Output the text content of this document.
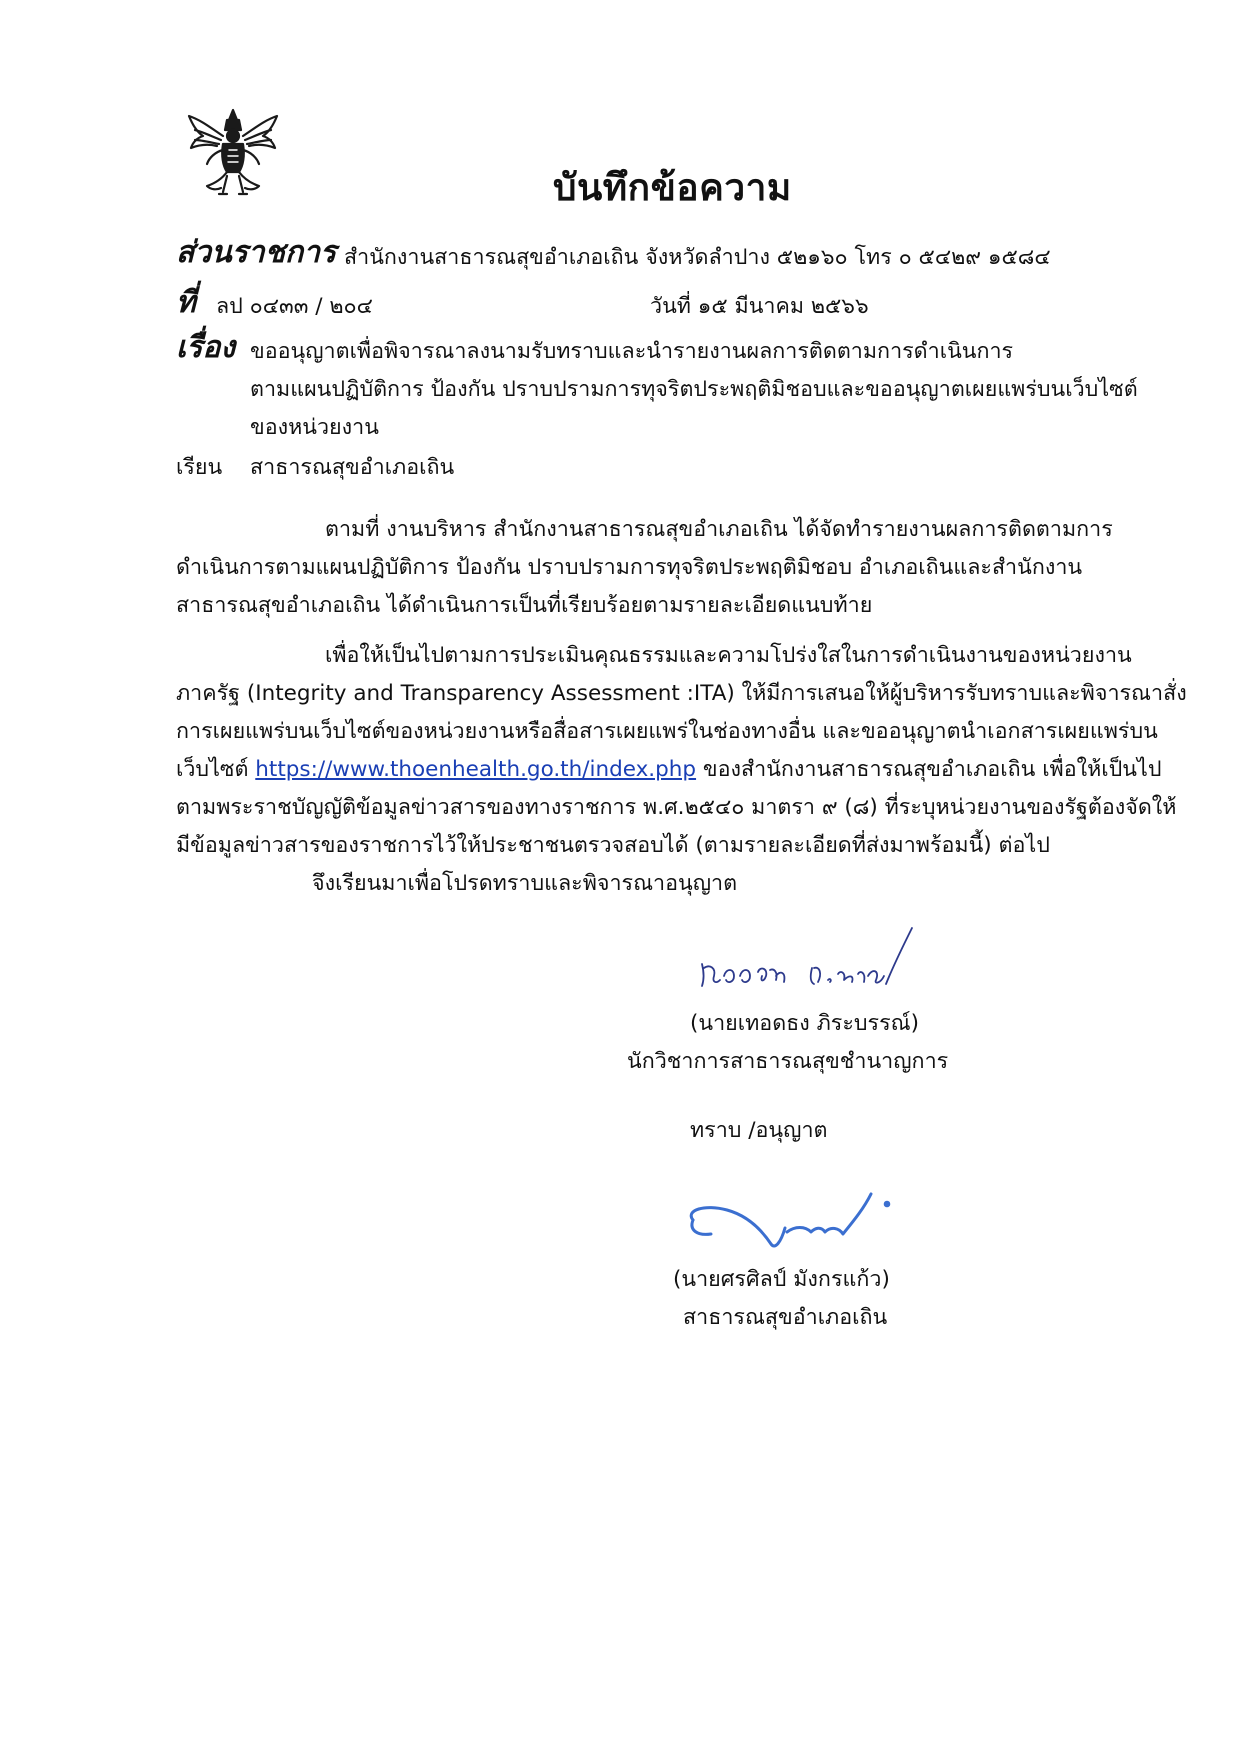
บันทึกข้อความ
ส่วนราชการ สำนักงานสาธารณสุขอำเภอเถิน จังหวัดลำปาง ๕๒๑๖๐ โทร ๐ ๕๔๒๙ ๑๕๘๔
ที่ ลป ๐๔๓๓ / ๒๐๔	วันที่ ๑๕ มีนาคม ๒๕๖๖
เรื่อง ขออนุญาตเพื่อพิจารณาลงนามรับทราบและนำรายงานผลการติดตามการดำเนินการ
ตามแผนปฏิบัติการ ป้องกัน ปราบปรามการทุจริตประพฤติมิชอบและขออนุญาตเผยแพร่บนเว็บไซต์
ของหน่วยงาน
เรียน สาธารณสุขอำเภอเถิน
ตามที่ งานบริหาร สำนักงานสาธารณสุขอำเภอเถิน ได้จัดทำรายงานผลการติดตามการ
ดำเนินการตามแผนปฏิบัติการ ป้องกัน ปราบปรามการทุจริตประพฤติมิชอบ อำเภอเถินและสำนักงาน
สาธารณสุขอำเภอเถิน ได้ดำเนินการเป็นที่เรียบร้อยตามรายละเอียดแนบท้าย
เพื่อให้เป็นไปตามการประเมินคุณธรรมและความโปร่งใสในการดำเนินงานของหน่วยงาน
ภาครัฐ (Integrity and Transparency Assessment :ITA) ให้มีการเสนอให้ผู้บริหารรับทราบและพิจารณาสั่ง
การเผยแพร่บนเว็บไซต์ของหน่วยงานหรือสื่อสารเผยแพร่ในช่องทางอื่น และขออนุญาตนำเอกสารเผยแพร่บน
เว็บไซต์ https://www.thoenhealth.go.th/index.php ของสำนักงานสาธารณสุขอำเภอเถิน เพื่อให้เป็นไป
ตามพระราชบัญญัติข้อมูลข่าวสารของทางราชการ พ.ศ.๒๕๔๐ มาตรา ๙ (๘) ที่ระบุหน่วยงานของรัฐต้องจัดให้
มีข้อมูลข่าวสารของราชการไว้ให้ประชาชนตรวจสอบได้ (ตามรายละเอียดที่ส่งมาพร้อมนี้) ต่อไป
จึงเรียนมาเพื่อโปรดทราบและพิจารณาอนุญาต
(นายเทอดธง ภิระบรรณ์)
นักวิชาการสาธารณสุขชำนาญการ
ทราบ /อนุญาต
(นายศรศิลป์ มังกรแก้ว)
สาธารณสุขอำเภอเถิน
